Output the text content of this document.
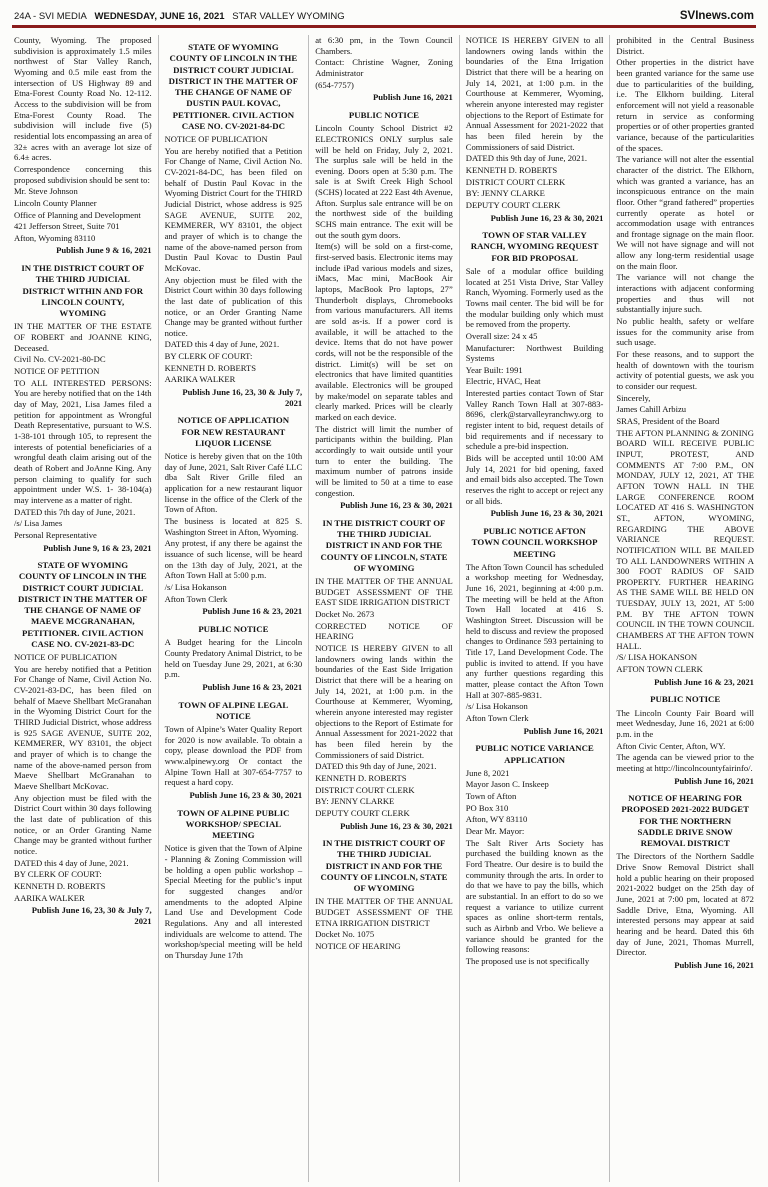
24A - SVI MEDIA WEDNESDAY, JUNE 16, 2021 STAR VALLEY WYOMING	SVInews.com

County, Wyoming. The proposed subdivision is approximately 1.5 miles northwest of Star Valley Ranch, Wyoming and 0.5 mile east from the intersection of US Highway 89 and Etna-Forest County Road No. 12-112. Access to the subdivision will be from Etna-Forest County Road. The subdivision will include five (5) residential lots encompassing an area of 32± acres with an average lot size of 6.4± acres.

Correspondence concerning this proposed subdivision should be sent to:

Mr. Steve Johnson

Lincoln County Planner

Office of Planning and Development

421 Jefferson Street, Suite 701

Afton, Wyoming 83110

Publish June 9 & 16, 2021

IN THE DISTRICT COURT OF THE THIRD JUDICIAL DISTRICT WITHIN AND FOR LINCOLN COUNTY, WYOMING

IN THE MATTER OF THE ESTATE OF ROBERT and JOANNE KING, Deceased.

Civil No. CV-2021-80-DC

NOTICE OF PETITION

TO ALL INTERESTED PERSONS: You are hereby notified that on the 14th day of May, 2021, Lisa James filed a petition for appointment as Wrongful Death Representative, pursuant to W.S. 1-38-101 through 105, to represent the interests of potential beneficiaries of a wrongful death claim arising out of the death of Robert and JoAnne King. Any person claiming to qualify for such appointment under W.S. 1- 38-104(a) may intervene as a matter of right.

DATED this 7th day of June, 2021.

/s/ Lisa James

Personal Representative

Publish June 9, 16 & 23, 2021

STATE OF WYOMING COUNTY OF LINCOLN IN THE DISTRICT COURT JUDICIAL DISTRICT IN THE MATTER OF THE CHANGE OF NAME OF MAEVE MCGRANAHAN, PETITIONER. CIVIL ACTION CASE NO. CV-2021-83-DC

NOTICE OF PUBLICATION

You are hereby notified that a Petition For Change of Name, Civil Action No. CV-2021-83-DC, has been filed on behalf of Maeve Shellbart McGranahan in the Wyoming District Court for the THIRD Judicial District, whose address is 925 SAGE AVENUE, SUITE 202, KEMMERER, WY 83101, the object and prayer of which is to change the name of the above-named person from Maeve Shellbart McGranahan to Maeve Shellbart McKovac.

Any objection must be filed with the District Court within 30 days following the last date of publication of this notice, or an Order Granting Name Change may be granted without further notice.

DATED this 4 day of June, 2021.

BY CLERK OF COURT:

KENNETH D. ROBERTS

AARIKA WALKER

Publish June 16, 23, 30 & July 7, 2021

STATE OF WYOMING COUNTY OF LINCOLN IN THE DISTRICT COURT JUDICIAL DISTRICT IN THE MATTER OF THE CHANGE OF NAME OF DUSTIN PAUL KOVAC, PETITIONER. CIVIL ACTION CASE NO. CV-2021-84-DC

NOTICE OF PUBLICATION

You are hereby notified that a Petition For Change of Name, Civil Action No. CV-2021-84-DC, has been filed on behalf of Dustin Paul Kovac in the Wyoming District Court for the THIRD Judicial District, whose address is 925 SAGE AVENUE, SUITE 202, KEMMERER, WY 83101, the object and prayer of which is to change the name of the above-named person from Dustin Paul Kovac to Dustin Paul McKovac.

Any objection must be filed with the District Court within 30 days following the last date of publication of this notice, or an Order Granting Name Change may be granted without further notice.

DATED this 4 day of June, 2021.

BY CLERK OF COURT:

KENNETH D. ROBERTS

AARIKA WALKER

Publish June 16, 23, 30 & July 7, 2021

NOTICE OF APPLICATION FOR NEW RESTAURANT LIQUOR LICENSE

Notice is hereby given that on the 10th day of June, 2021, Salt River Café LLC dba Salt River Grille filed an application for a new restaurant liquor license in the office of the Clerk of the Town of Afton.

The business is located at 825 S. Washington Street in Afton, Wyoming.

Any protest, if any there be against the issuance of such license, will be heard on the 13th day of July, 2021, at the Afton Town Hall at 5:00 p.m.

/s/ Lisa Hokanson

Afton Town Clerk

Publish June 16 & 23, 2021

PUBLIC NOTICE

A Budget hearing for the Lincoln County Predatory Animal District, to be held on Tuesday June 29, 2021, at 6:30 p.m.

Publish June 16 & 23, 2021

TOWN OF ALPINE LEGAL NOTICE

Town of Alpine’s Water Quality Report for 2020 is now available. To obtain a copy, please download the PDF from www.alpinewy.org Or contact the Alpine Town Hall at 307-654-7757 to request a hard copy.

Publish June 16, 23 & 30, 2021

TOWN OF ALPINE PUBLIC WORKSHOP/ SPECIAL MEETING

Notice is given that the Town of Alpine - Planning & Zoning Commission will be holding a open public workshop – Special Meeting for the public’s input for suggested changes and/or amendments to the adopted Alpine Land Use and Development Code Regulations. Any and all interested individuals are welcome to attend. The workshop/special meeting will be held on Thursday June 17th

at 6:30 pm, in the Town Council Chambers.

Contact: Christine Wagner, Zoning Administrator

(654-7757)

Publish June 16, 2021

PUBLIC NOTICE

Lincoln County School District #2 ELECTRONICS ONLY surplus sale will be held on Friday, July 2, 2021. The surplus sale will be held in the evening. Doors open at 5:30 p.m. The sale is at Swift Creek High School (SCHS) located at 222 East 4th Avenue, Afton. Surplus sale entrance will be on the northwest side of the building SCHS main entrance. The exit will be out the south gym doors.

Item(s) will be sold on a first-come, first-served basis. Electronic items may include iPad various models and sizes, iMacs, Mac mini, MacBook Air laptops, MacBook Pro laptops, 27” Thunderbolt displays, Chromebooks from various manufacturers. All items are sold as-is. If a power cord is available, it will be attached to the device. Items that do not have power cords, will not be the responsible of the district. Limit(s) will be set on electronics that have limited quantities available. Electronics will be grouped by make/model on separate tables and clearly marked. Prices will be clearly marked on each device.

The district will limit the number of participants within the building. Plan accordingly to wait outside until your turn to enter the building. The maximum number of patrons inside will be limited to 50 at a time to ease congestion.

Publish June 16, 23 & 30, 2021

IN THE DISTRICT COURT OF THE THIRD JUDICIAL DISTRICT IN AND FOR THE COUNTY OF LINCOLN, STATE OF WYOMING

IN THE MATTER OF THE ANNUAL BUDGET ASSESSMENT OF THE EAST SIDE IRRIGATION DISTRICT

Docket No. 2673

CORRECTED NOTICE OF HEARING

NOTICE IS HEREBY GIVEN to all landowners owing lands within the boundaries of the East Side Irrigation District that there will be a hearing on July 14, 2021, at 1:00 p.m. in the Courthouse at Kemmerer, Wyoming, wherein anyone interested may register objections to the Report of Estimate for Annual Assessment for 2021-2022 that has been filed herein by the Commissioners of said District.

DATED this 9th day of June, 2021.

KENNETH D. ROBERTS

DISTRICT COURT CLERK

BY: JENNY CLARKE

DEPUTY COURT CLERK

Publish June 16, 23 & 30, 2021

IN THE DISTRICT COURT OF THE THIRD JUDICIAL DISTRICT IN AND FOR THE COUNTY OF LINCOLN, STATE OF WYOMING

IN THE MATTER OF THE ANNUAL BUDGET ASSESSMENT OF THE ETNA IRRIGATION DISTRICT

Docket No. 1075

NOTICE OF HEARING

NOTICE IS HEREBY GIVEN to all landowners owing lands within the boundaries of the Etna Irrigation District that there will be a hearing on July 14, 2021, at 1:00 p.m. in the Courthouse at Kemmerer, Wyoming, wherein anyone interested may register objections to the Report of Estimate for Annual Assessment for 2021-2022 that has been filed herein by the Commissioners of said District.

DATED this 9th day of June, 2021.

KENNETH D. ROBERTS

DISTRICT COURT CLERK

BY: JENNY CLARKE

DEPUTY COURT CLERK

Publish June 16, 23 & 30, 2021

TOWN OF STAR VALLEY RANCH, WYOMING REQUEST FOR BID PROPOSAL

Sale of a modular office building located at 251 Vista Drive, Star Valley Ranch, Wyoming. Formerly used as the Towns mail center. The bid will be for the modular building only which must be removed from the property.

Overall size: 24 x 45

Manufacturer: Northwest Building Systems

Year Built: 1991

Electric, HVAC, Heat

Interested parties contact Town of Star Valley Ranch Town Hall at 307-883-8696, clerk@starvalleyranchwy.org to register intent to bid, request details of bid requirements and if necessary to schedule a pre-bid inspection.

Bids will be accepted until 10:00 AM July 14, 2021 for bid opening, faxed and email bids also accepted. The Town reserves the right to accept or reject any or all bids.

Publish June 16, 23 & 30, 2021

PUBLIC NOTICE AFTON TOWN COUNCIL WORKSHOP MEETING

The Afton Town Council has scheduled a workshop meeting for Wednesday, June 16, 2021, beginning at 4:00 p.m. The meeting will be held at the Afton Town Hall located at 416 S. Washington Street. Discussion will be held to discuss and review the proposed changes to Ordinance 593 pertaining to Title 17, Land Development Code. The public is invited to attend. If you have any further questions regarding this matter, please contact the Afton Town Hall at 307-885-9831.

/s/ Lisa Hokanson

Afton Town Clerk

Publish June 16, 2021

PUBLIC NOTICE VARIANCE APPLICATION

June 8, 2021

Mayor Jason C. Inskeep

Town of Afton

PO Box 310

Afton, WY 83110

Dear Mr. Mayor:

The Salt River Arts Society has purchased the building known as the Ford Theatre. Our desire is to build the community through the arts. In order to do that we have to pay the bills, which are substantial. In an effort to do so we request a variance to utilize current spaces as online short-term rentals, such as Airbnb and Vrbo. We believe a variance should be granted for the following reasons:

The proposed use is not specifically

prohibited in the Central Business District.

Other properties in the district have been granted variance for the same use due to particularities of the building, i.e. The Elkhorn building. Literal enforcement will not yield a reasonable return in service as conforming properties or of other properties granted variance, because of the particularities of the spaces.

The variance will not alter the essential character of the district. The Elkhorn, which was granted a variance, has an inconspicuous entrance on the main floor. Other “grand fathered” properties currently operate as hotel or accommodation usage with entrances and frontage signage on the main floor. We will not have signage and will not allow any long-term residential usage on the main floor.

The variance will not change the interactions with adjacent conforming properties and thus will not substantially injure such.

No public health, safety or welfare issues for the community arise from such usage.

For these reasons, and to support the health of downtown with the tourism activity of potential guests, we ask you to consider our request.

Sincerely,

James Cahill Arbizu

SRAS, President of the Board

THE AFTON PLANNING & ZONING BOARD WILL RECEIVE PUBLIC INPUT, PROTEST, AND COMMENTS AT 7:00 P.M., ON MONDAY, JULY 12, 2021, AT THE AFTON TOWN HALL IN THE LARGE CONFERENCE ROOM LOCATED AT 416 S. WASHINGTON ST., AFTON, WYOMING, REGARDING THE ABOVE VARIANCE REQUEST. NOTIFICATION WILL BE MAILED TO ALL LANDOWNERS WITHIN A 300 FOOT RADIUS OF SAID PROPERTY. FURTHER HEARING AS THE SAME WILL BE HELD ON TUESDAY, JULY 13, 2021, AT 5:00 P.M. BY THE AFTON TOWN COUNCIL IN THE TOWN COUNCIL CHAMBERS AT THE AFTON TOWN HALL.

/S/ LISA HOKANSON

AFTON TOWN CLERK

Publish June 16 & 23, 2021

PUBLIC NOTICE

The Lincoln County Fair Board will meet Wednesday, June 16, 2021 at 6:00 p.m. in the

Afton Civic Center, Afton, WY.

The agenda can be viewed prior to the meeting at http://lincolncountyfairinfo/.

Publish June 16, 2021

NOTICE OF HEARING FOR PROPOSED 2021-2022 BUDGET FOR THE NORTHERN SADDLE DRIVE SNOW REMOVAL DISTRICT

The Directors of the Northern Saddle Drive Snow Removal District shall hold a public hearing on their proposed 2021-2022 budget on the 25th day of June, 2021 at 7:00 pm, located at 872 Saddle Drive, Etna, Wyoming. All interested persons may appear at said hearing and be heard. Dated this 6th day of June, 2021, Thomas Murrell, Director.

Publish June 16, 2021
